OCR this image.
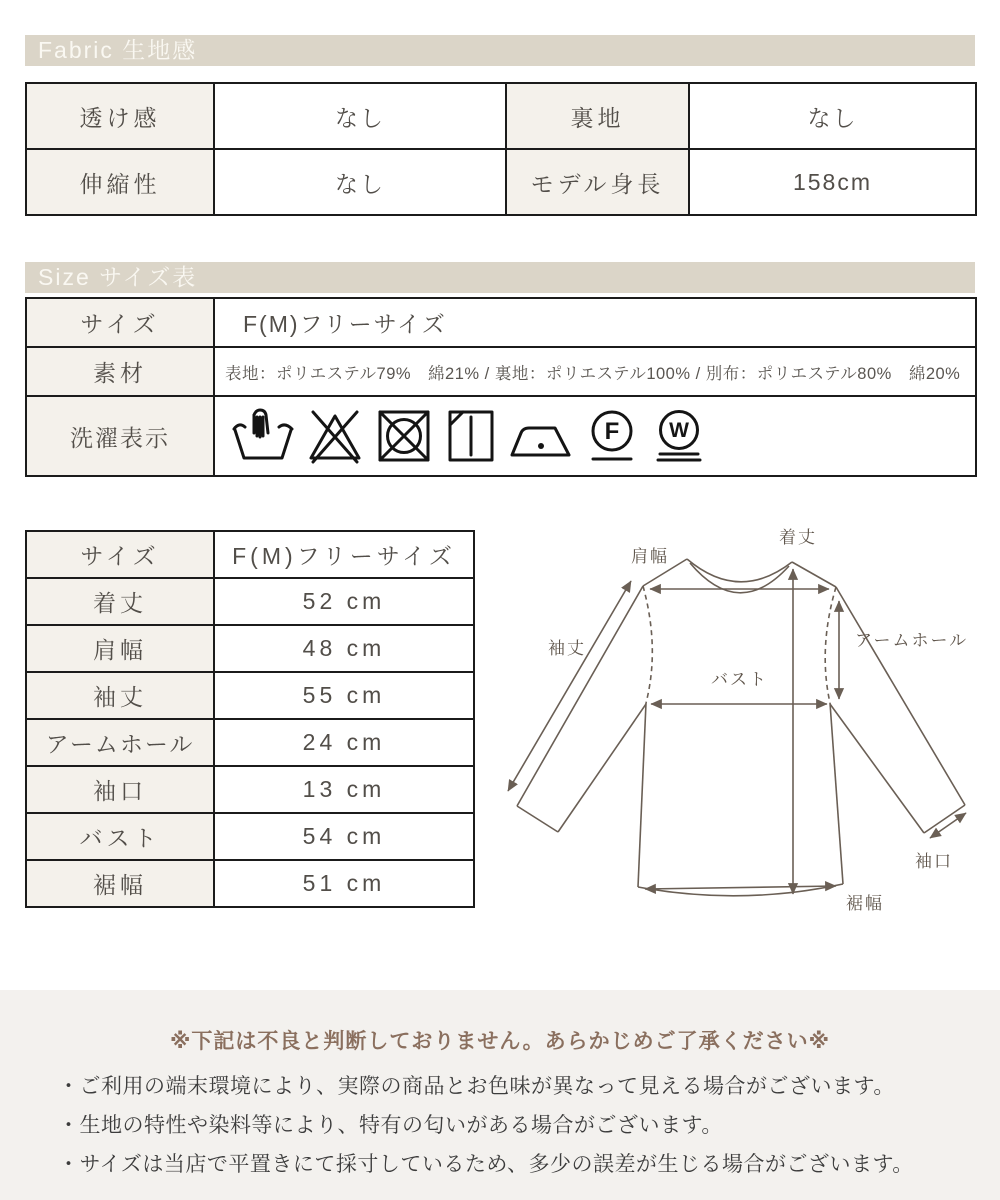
Fabric 生地感
透け感	なし	裏地	なし
伸縮性	なし	モデル身長	158cm
Size サイズ表
サイズ	F(M)フリーサイズ
素材	表地：ポリエステル79%　綿21% / 裏地：ポリエステル100% / 別布：ポリエステル80%　綿20%
洗濯表示	F W
サイズ	F(M)フリーサイズ
着丈	52 cm
肩幅	48 cm
袖丈	55 cm
アームホール	24 cm
袖口	13 cm
バスト	54 cm
裾幅	51 cm
肩幅
着丈
袖丈	アームホール
バスト
袖口
裾幅
※下記は不良と判断しておりません。あらかじめご了承ください※
・ご利用の端末環境により、実際の商品とお色味が異なって見える場合がございます。
・生地の特性や染料等により、特有の匂いがある場合がございます。
・サイズは当店で平置きにて採寸しているため、多少の誤差が生じる場合がございます。
